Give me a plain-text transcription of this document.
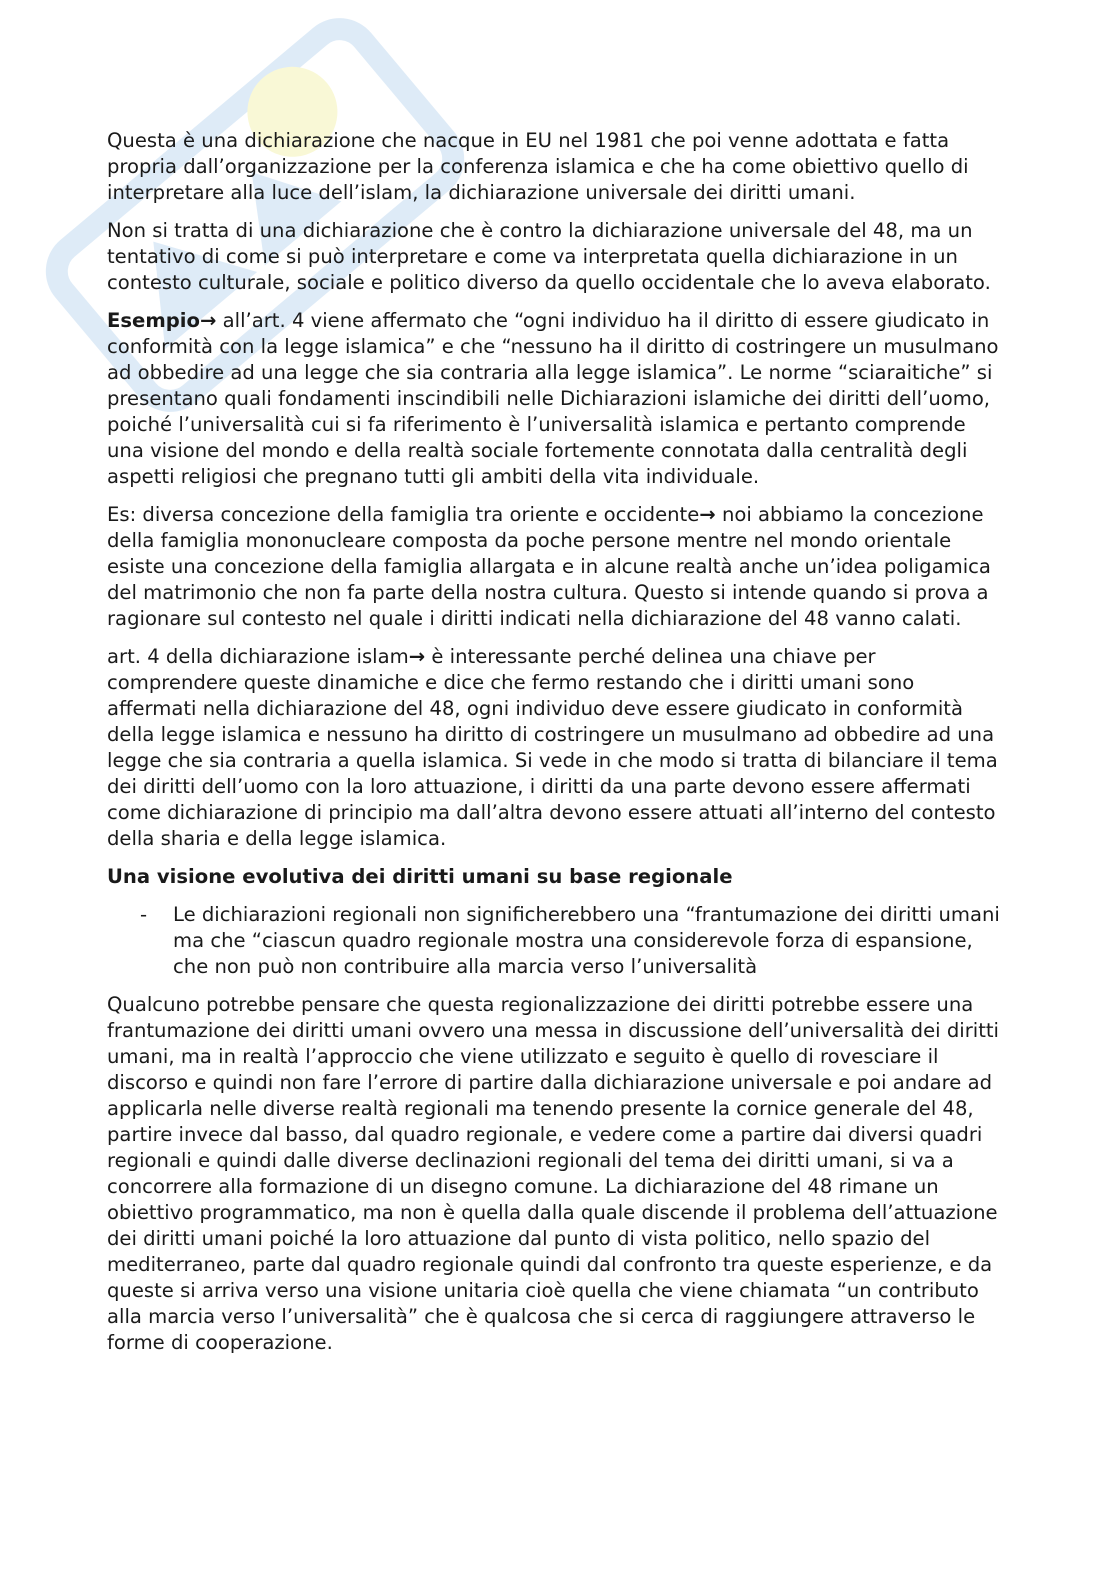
Questa è una dichiarazione che nacque in EU nel 1981 che poi venne adottata e fatta propria dall’organizzazione per la conferenza islamica e che ha come obiettivo quello di interpretare alla luce dell’islam, la dichiarazione universale dei diritti umani.

Non si tratta di una dichiarazione che è contro la dichiarazione universale del 48, ma un tentativo di come si può interpretare e come va interpretata quella dichiarazione in un contesto culturale, sociale e politico diverso da quello occidentale che lo aveva elaborato.

Esempio→ all’art. 4 viene affermato che “ogni individuo ha il diritto di essere giudicato in conformità con la legge islamica” e che “nessuno ha il diritto di costringere un musulmano ad obbedire ad una legge che sia contraria alla legge islamica”. Le norme “sciaraitiche” si presentano quali fondamenti inscindibili nelle Dichiarazioni islamiche dei diritti dell’uomo, poiché l’universalità cui si fa riferimento è l’universalità islamica e pertanto comprende una visione del mondo e della realtà sociale fortemente connotata dalla centralità degli aspetti religiosi che pregnano tutti gli ambiti della vita individuale.

Es: diversa concezione della famiglia tra oriente e occidente→ noi abbiamo la concezione della famiglia mononucleare composta da poche persone mentre nel mondo orientale esiste una concezione della famiglia allargata e in alcune realtà anche un’idea poligamica del matrimonio che non fa parte della nostra cultura. Questo si intende quando si prova a ragionare sul contesto nel quale i diritti indicati nella dichiarazione del 48 vanno calati.

art. 4 della dichiarazione islam→ è interessante perché delinea una chiave per comprendere queste dinamiche e dice che fermo restando che i diritti umani sono affermati nella dichiarazione del 48, ogni individuo deve essere giudicato in conformità della legge islamica e nessuno ha diritto di costringere un musulmano ad obbedire ad una legge che sia contraria a quella islamica. Si vede in che modo si tratta di bilanciare il tema dei diritti dell’uomo con la loro attuazione, i diritti da una parte devono essere affermati come dichiarazione di principio ma dall’altra devono essere attuati all’interno del contesto della sharia e della legge islamica.

Una visione evolutiva dei diritti umani su base regionale
- Le dichiarazioni regionali non significherebbero una “frantumazione dei diritti umani ma che “ciascun quadro regionale mostra una considerevole forza di espansione, che non può non contribuire alla marcia verso l’universalità

Qualcuno potrebbe pensare che questa regionalizzazione dei diritti potrebbe essere una frantumazione dei diritti umani ovvero una messa in discussione dell’universalità dei diritti umani, ma in realtà l’approccio che viene utilizzato e seguito è quello di rovesciare il discorso e quindi non fare l’errore di partire dalla dichiarazione universale e poi andare ad applicarla nelle diverse realtà regionali ma tenendo presente la cornice generale del 48, partire invece dal basso, dal quadro regionale, e vedere come a partire dai diversi quadri regionali e quindi dalle diverse declinazioni regionali del tema dei diritti umani, si va a concorrere alla formazione di un disegno comune. La dichiarazione del 48 rimane un obiettivo programmatico, ma non è quella dalla quale discende il problema dell’attuazione dei diritti umani poiché la loro attuazione dal punto di vista politico, nello spazio del mediterraneo, parte dal quadro regionale quindi dal confronto tra queste esperienze, e da queste si arriva verso una visione unitaria cioè quella che viene chiamata “un contributo alla marcia verso l’universalità” che è qualcosa che si cerca di raggiungere attraverso le forme di cooperazione.
